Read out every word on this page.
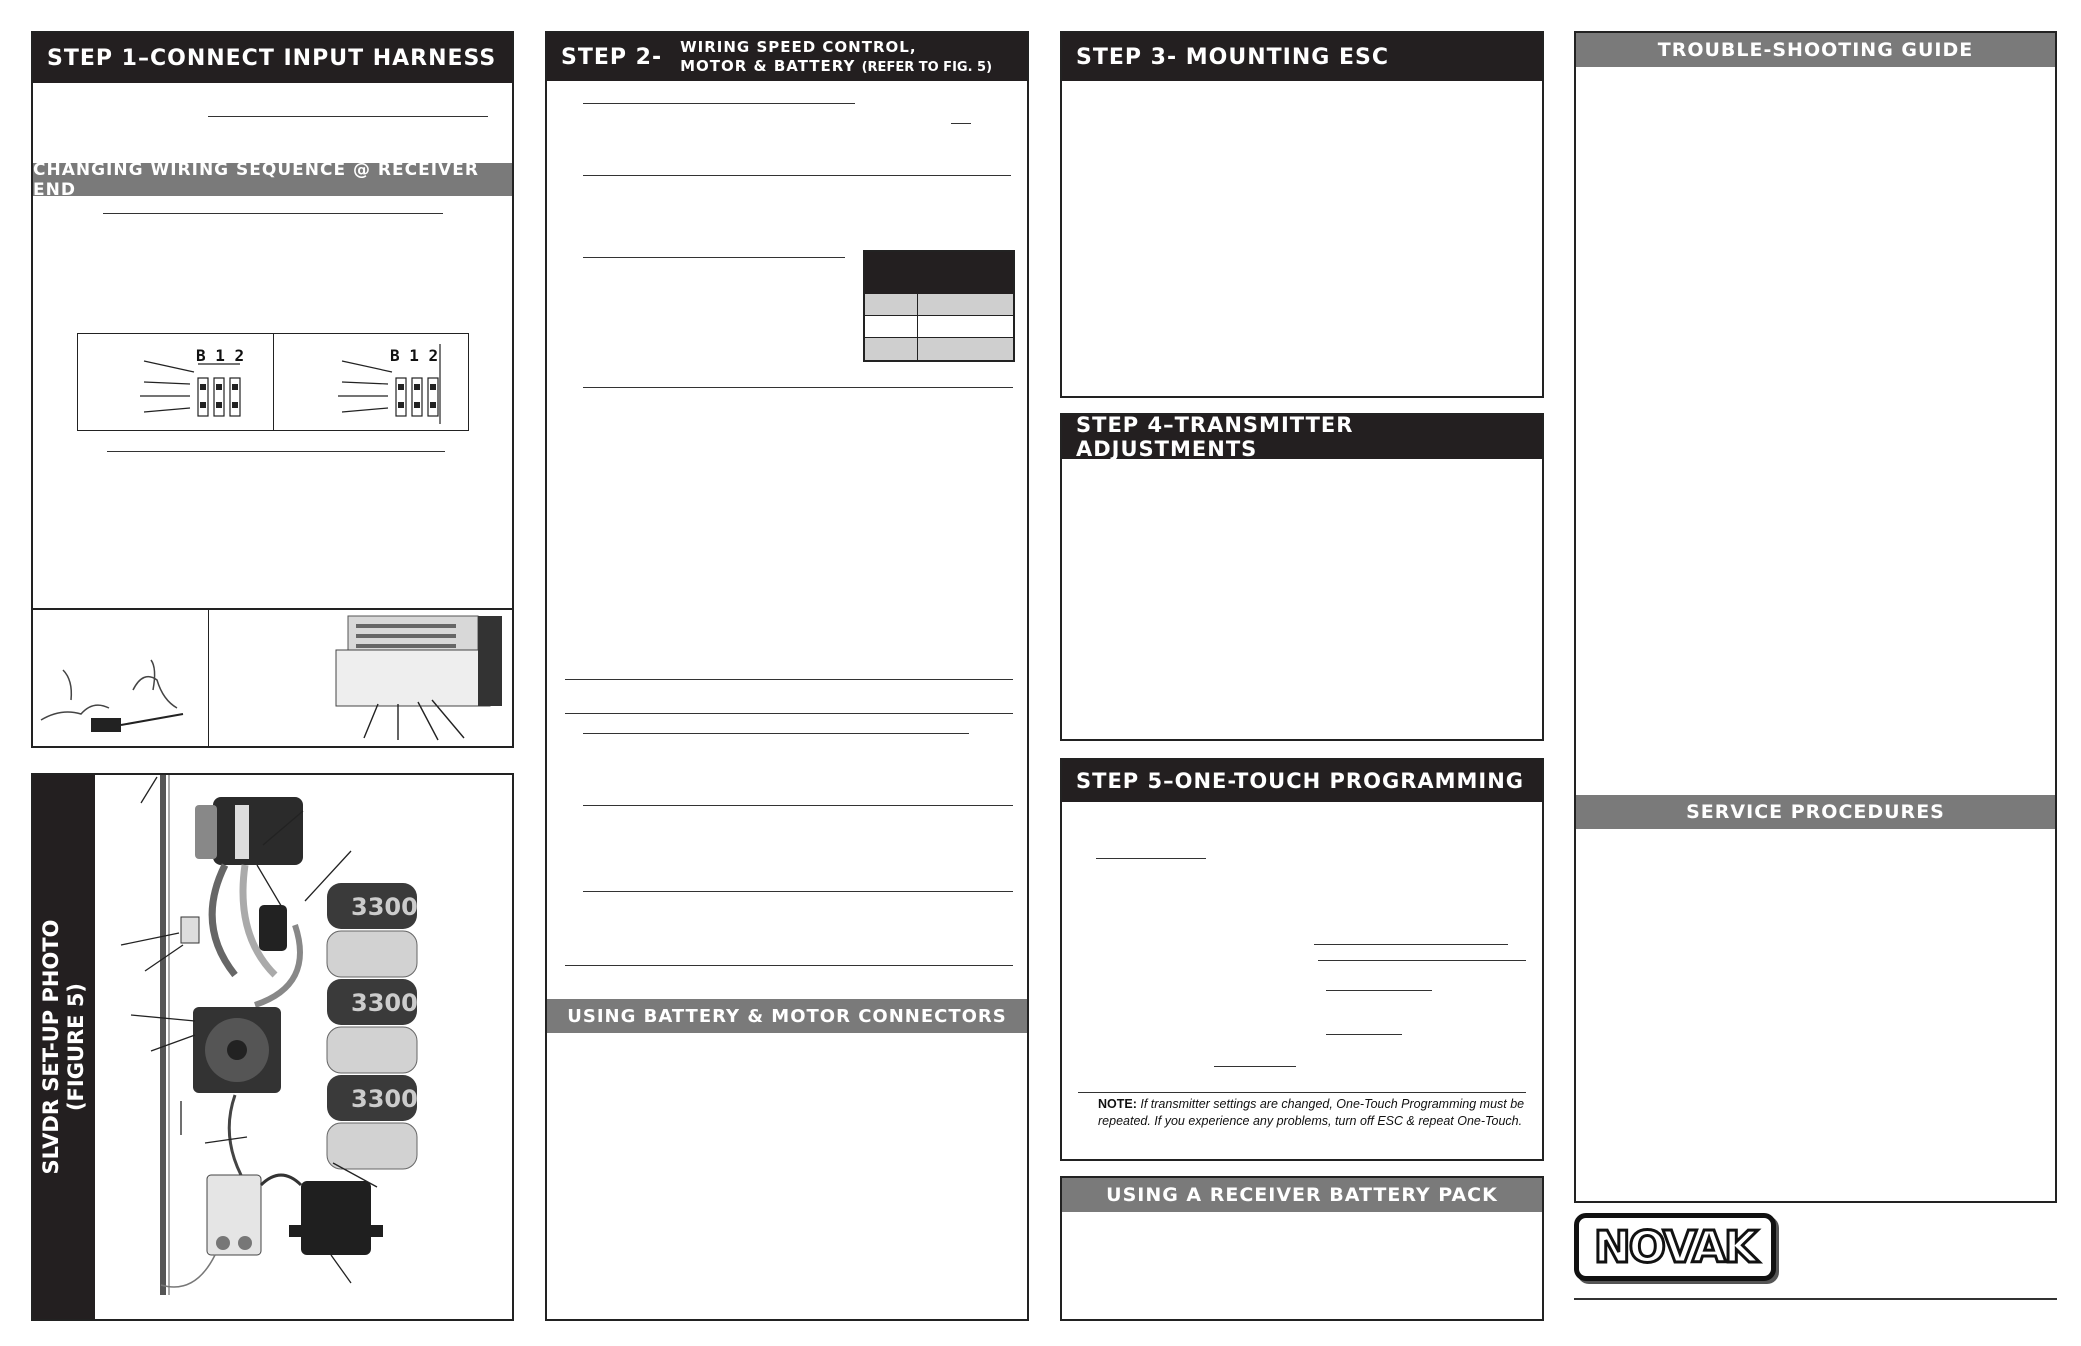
STEP 1–CONNECT INPUT HARNESS
CHANGING WIRING SEQUENCE @ RECEIVER END
B 1 2	B 1 2
SLVDR SET-UP PHOTO (FIGURE 5)
3300
3300
3300
STEP 2- WIRING SPEED CONTROL,
MOTOR & BATTERY (REFER TO FIG. 5)
USING BATTERY & MOTOR CONNECTORS
STEP 3- MOUNTING ESC
STEP 4–TRANSMITTER ADJUSTMENTS
STEP 5–ONE-TOUCH PROGRAMMING
NOTE: If transmitter settings are changed, One-Touch Programming must be repeated. If you experience any problems, turn off ESC & repeat One-Touch.
USING A RECEIVER BATTERY PACK
TROUBLE-SHOOTING GUIDE
SERVICE PROCEDURES
NOVAK
